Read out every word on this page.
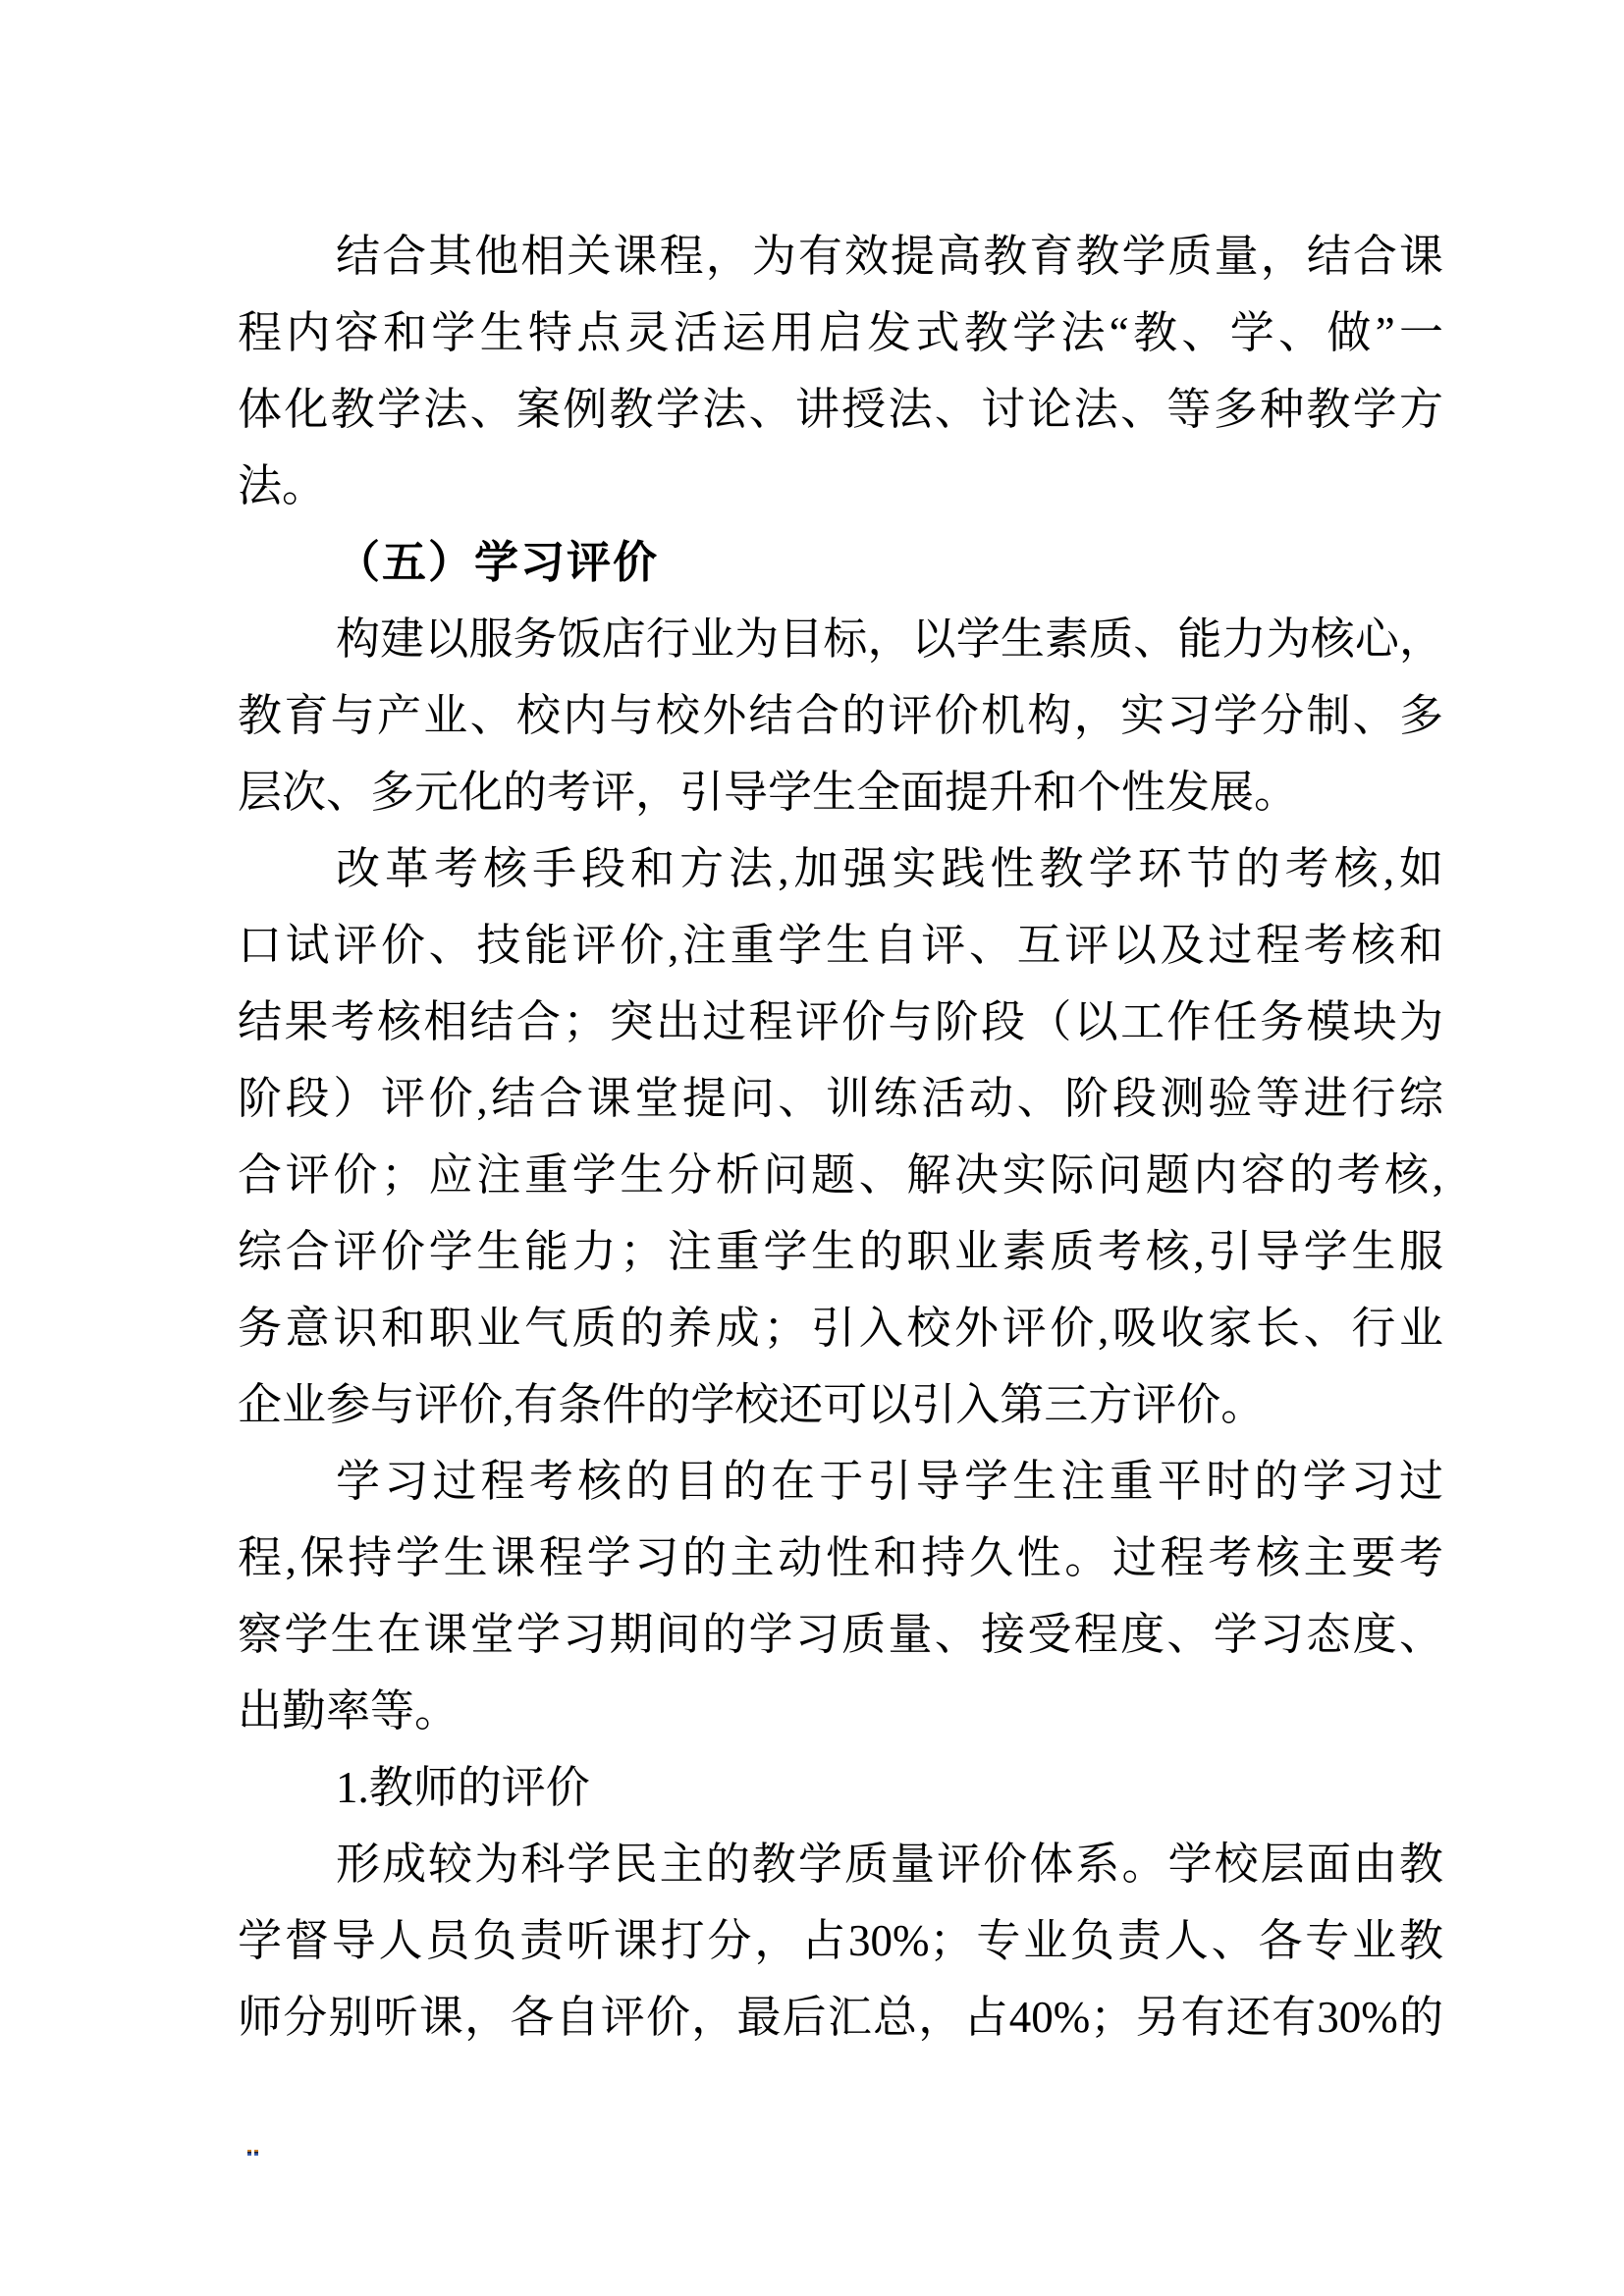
结合其他相关课程，为有效提高教育教学质量，结合课
程内容和学生特点灵活运用启发式教学法“教、学、做”一
体化教学法、案例教学法、讲授法、讨论法、等多种教学方
法。
（五）学习评价
构建以服务饭店行业为目标，以学生素质、能力为核心，
教育与产业、校内与校外结合的评价机构，实习学分制、多
层次、多元化的考评，引导学生全面提升和个性发展。
改革考核手段和方法,加强实践性教学环节的考核,如
口试评价、技能评价,注重学生自评、互评以及过程考核和
结果考核相结合；突出过程评价与阶段（以工作任务模块为
阶段）评价,结合课堂提问、训练活动、阶段测验等进行综
合评价；应注重学生分析问题、解决实际问题内容的考核,
综合评价学生能力；注重学生的职业素质考核,引导学生服
务意识和职业气质的养成；引入校外评价,吸收家长、行业
企业参与评价,有条件的学校还可以引入第三方评价。
学习过程考核的目的在于引导学生注重平时的学习过
程,保持学生课程学习的主动性和持久性。过程考核主要考
察学生在课堂学习期间的学习质量、接受程度、学习态度、
出勤率等。
1.教师的评价
形成较为科学民主的教学质量评价体系。学校层面由教
学督导人员负责听课打分，占30%；专业负责人、各专业教
师分别听课，各自评价，最后汇总，占40%；另有还有30%的
